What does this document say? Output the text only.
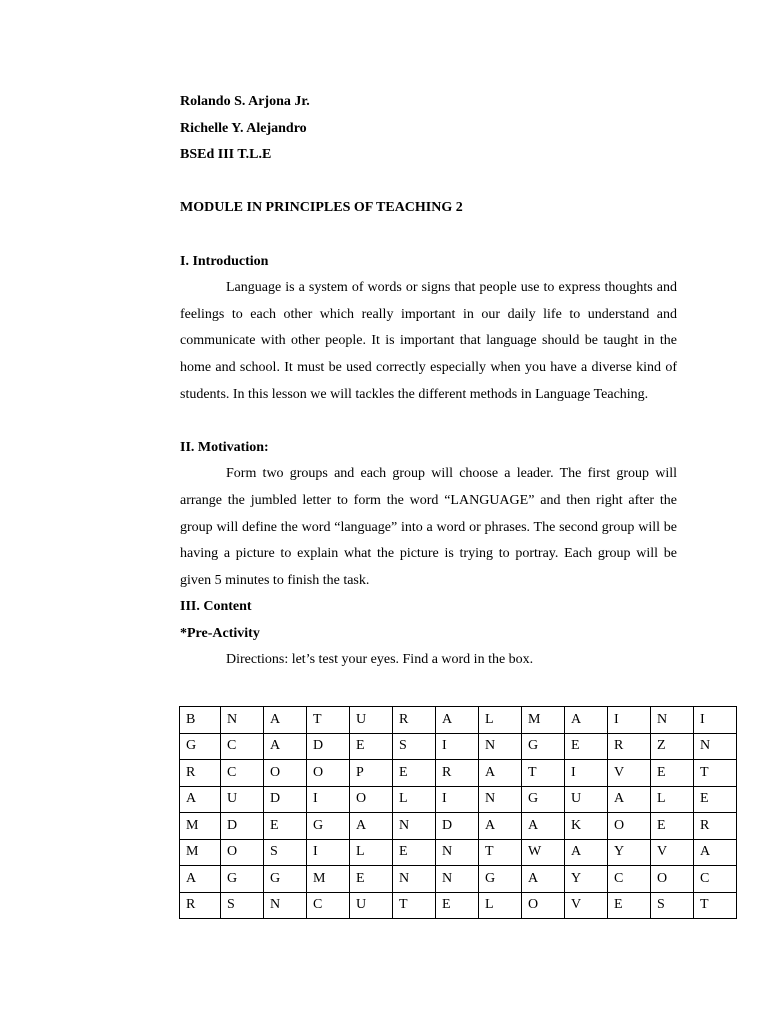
Rolando S. Arjona Jr.
Richelle Y. Alejandro
BSEd III T.L.E
MODULE IN PRINCIPLES OF TEACHING 2
I. Introduction

Language is a system of words or signs that people use to express thoughts and feelings to each other which really important in our daily life to understand and communicate with other people. It is important that language should be taught in the home and school. It must be used correctly especially when you have a diverse kind of students. In this lesson we will tackles the different methods in Language Teaching.

II. Motivation:

Form two groups and each group will choose a leader. The first group will arrange the jumbled letter to form the word “LANGUAGE” and then right after the group will define the word “language” into a word or phrases. The second group will be having a picture to explain what the picture is trying to portray. Each group will be given 5 minutes to finish the task.

III. Content
*Pre-Activity
Directions: let’s test your eyes. Find a word in the box.
B	N	A	T	U	R	A	L	M	A	I	N	I
G	C	A	D	E	S	I	N	G	E	R	Z	N
R	C	O	O	P	E	R	A	T	I	V	E	T
A	U	D	I	O	L	I	N	G	U	A	L	E
M	D	E	G	A	N	D	A	A	K	O	E	R
M	O	S	I	L	E	N	T	W	A	Y	V	A
A	G	G	M	E	N	N	G	A	Y	C	O	C
R	S	N	C	U	T	E	L	O	V	E	S	T
